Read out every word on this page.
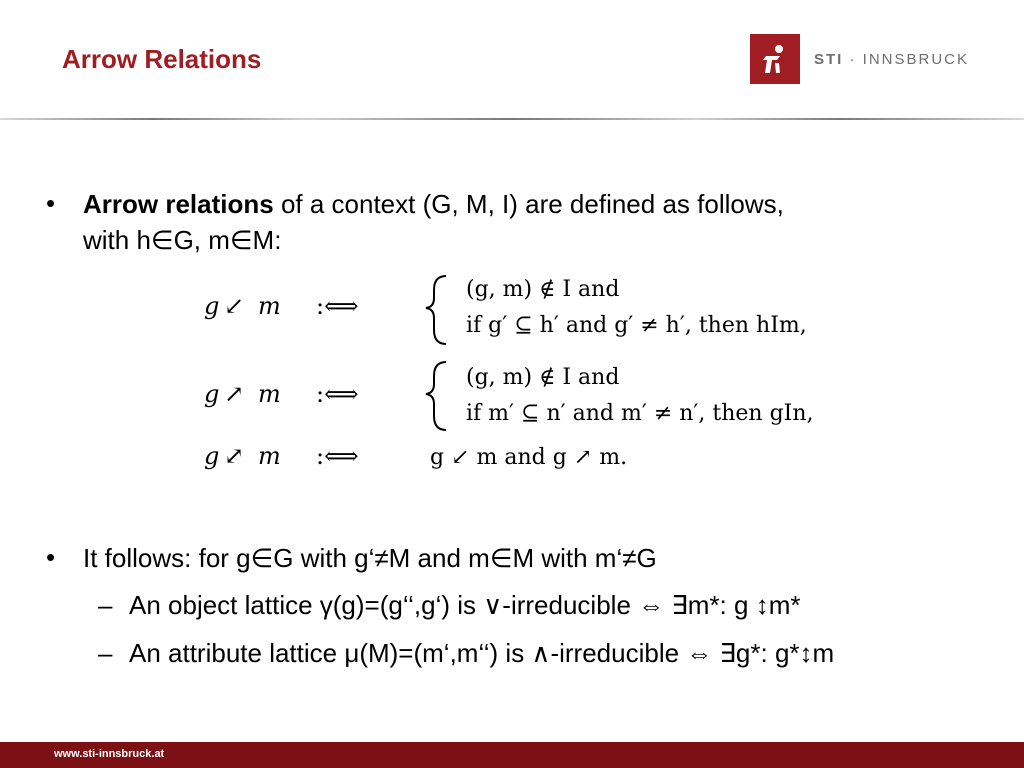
Arrow Relations	STI · INNSBRUCK
• Arrow relations of a context (G, M, I) are defined as follows,
with h∈G, m∈M:
g ↙ m :⟺
(g, m) ∉ I and
if g′ ⊆ h′ and g′ ≠ h′, then hIm,
g ↗ m :⟺
(g, m) ∉ I and
if m′ ⊆ n′ and m′ ≠ n′, then gIn,
g ⤢ m :⟺	g ↙ m and g ↗ m.
• It follows: for g∈G with g‘≠M and m∈M with m‘≠G
– An object lattice γ(g)=(g‘‘,g‘) is ∨-irreducible ⇔ ∃m*: g ↕m*
– An attribute lattice μ(M)=(m‘,m‘‘) is ∧-irreducible ⇔ ∃g*: g*↕m
www.sti-innsbruck.at
